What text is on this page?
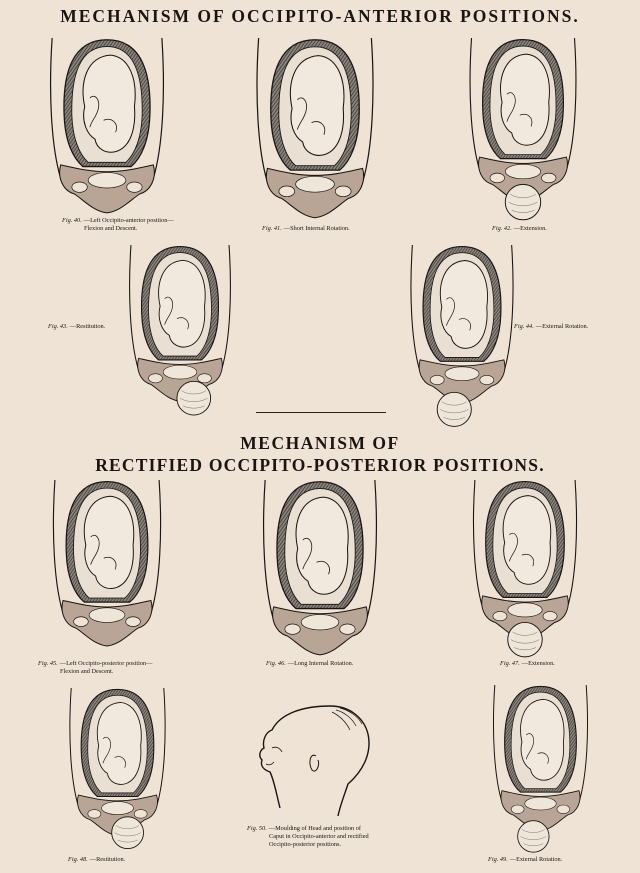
MECHANISM OF OCCIPITO-ANTERIOR POSITIONS.
Fig. 40. —Left Occipito-anterior position—
Flexion and Descent.	Fig. 41. —Short Internal Rotation.	Fig. 42. —Extension.
Fig. 43. —Restitution.	Fig. 44. —External Rotation.
MECHANISM OF
RECTIFIED OCCIPITO-POSTERIOR POSITIONS.
Fig. 45. —Left Occipito-posterior position—
Flexion and Descent.
Fig. 46. —Long Internal Rotation.	Fig. 47. —Extension.
Fig. 48. —Restitution.
Fig. 50. —Moulding of Head and position of
Caput in Occipito-anterior and rectified
Occipito-posterior positions.
Fig. 49. —External Rotation.
